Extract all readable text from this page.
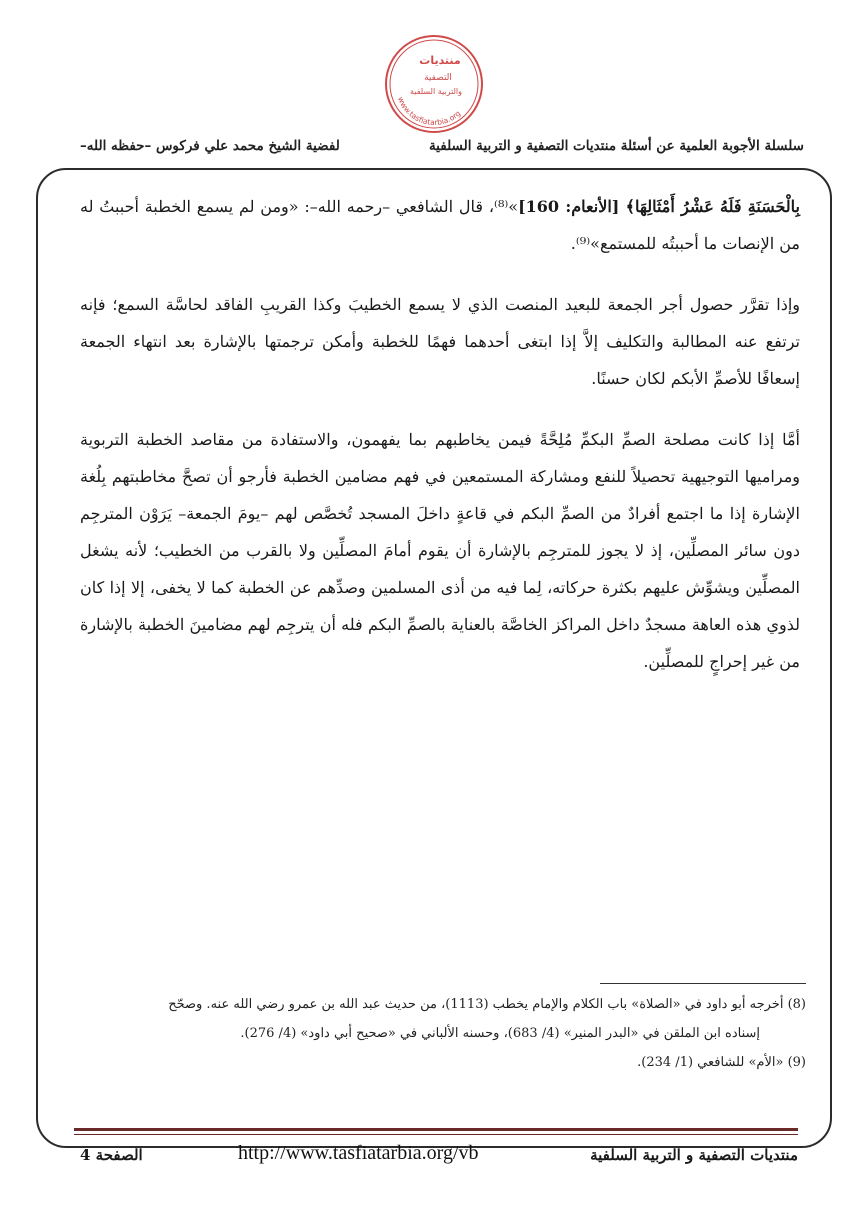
منتديات
التصفية
والتربية السلفية
www.tasfiatarbia.org
سلسلة الأجوبة العلمية عن أسئلة منتديات التصفية و التربية السلفية
لفضية الشيخ محمد علي فركوس –حفظه الله–

بِالْحَسَنَةِ فَلَهُ عَشْرُ أَمْثَالِهَا﴾ [الأنعام: 160]»⁽⁸⁾، قال الشافعي –رحمه الله–: «ومن لم يسمع الخطبة أحببتُ له من الإنصات ما أحببتُه للمستمع»⁽⁹⁾.

وإذا تقرَّر حصول أجر الجمعة للبعيد المنصت الذي لا يسمع الخطيبَ وكذا القريبِ الفاقد لحاسَّة السمع؛ فإنه ترتفع عنه المطالبة والتكليف إلاَّ إذا ابتغى أحدهما فهمًا للخطبة وأمكن ترجمتها بالإشارة بعد انتهاء الجمعة إسعافًا للأصمِّ الأبكم لكان حسنًا.

أمَّا إذا كانت مصلحة الصمِّ البكمِّ مُلِحَّةً فيمن يخاطبهم بما يفهمون، والاستفادة من مقاصد الخطبة التربوية ومراميها التوجيهية تحصيلاً للنفع ومشاركة المستمعين في فهم مضامين الخطبة فأرجو أن تصحَّ مخاطبتهم بِلُغة الإشارة إذا ما اجتمع أفرادٌ من الصمِّ البكم في قاعةٍ داخلَ المسجد تُخصَّص لهم –يومَ الجمعة– يَرَوْن المترجِم دون سائر المصلِّين، إذ لا يجوز للمترجِم بالإشارة أن يقوم أمامَ المصلِّين ولا بالقرب من الخطيب؛ لأنه يشغل المصلِّين ويشوِّش عليهم بكثرة حركاته، لِما فيه من أذى المسلمين وصدِّهم عن الخطبة كما لا يخفى، إلا إذا كان لذوي هذه العاهة مسجدٌ داخل المراكز الخاصَّة بالعناية بالصمِّ البكم فله أن يترجِم لهم مضامينَ الخطبة بالإشارة من غير إحراجٍ للمصلِّين.

(8) أخرجه أبو داود في «الصلاة» باب الكلام والإمام يخطب (1113)، من حديث عبد الله بن عمرو رضي الله عنه. وصحّح

إسناده ابن الملقن في «البدر المنير» (4/ 683)، وحسنه الألباني في «صحيح أبي داود» (4/ 276).

(9) «الأم» للشافعي (1/ 234).

منتديات التصفية و التربية السلفية
http://www.tasfiatarbia.org/vb
الصفحة 4
